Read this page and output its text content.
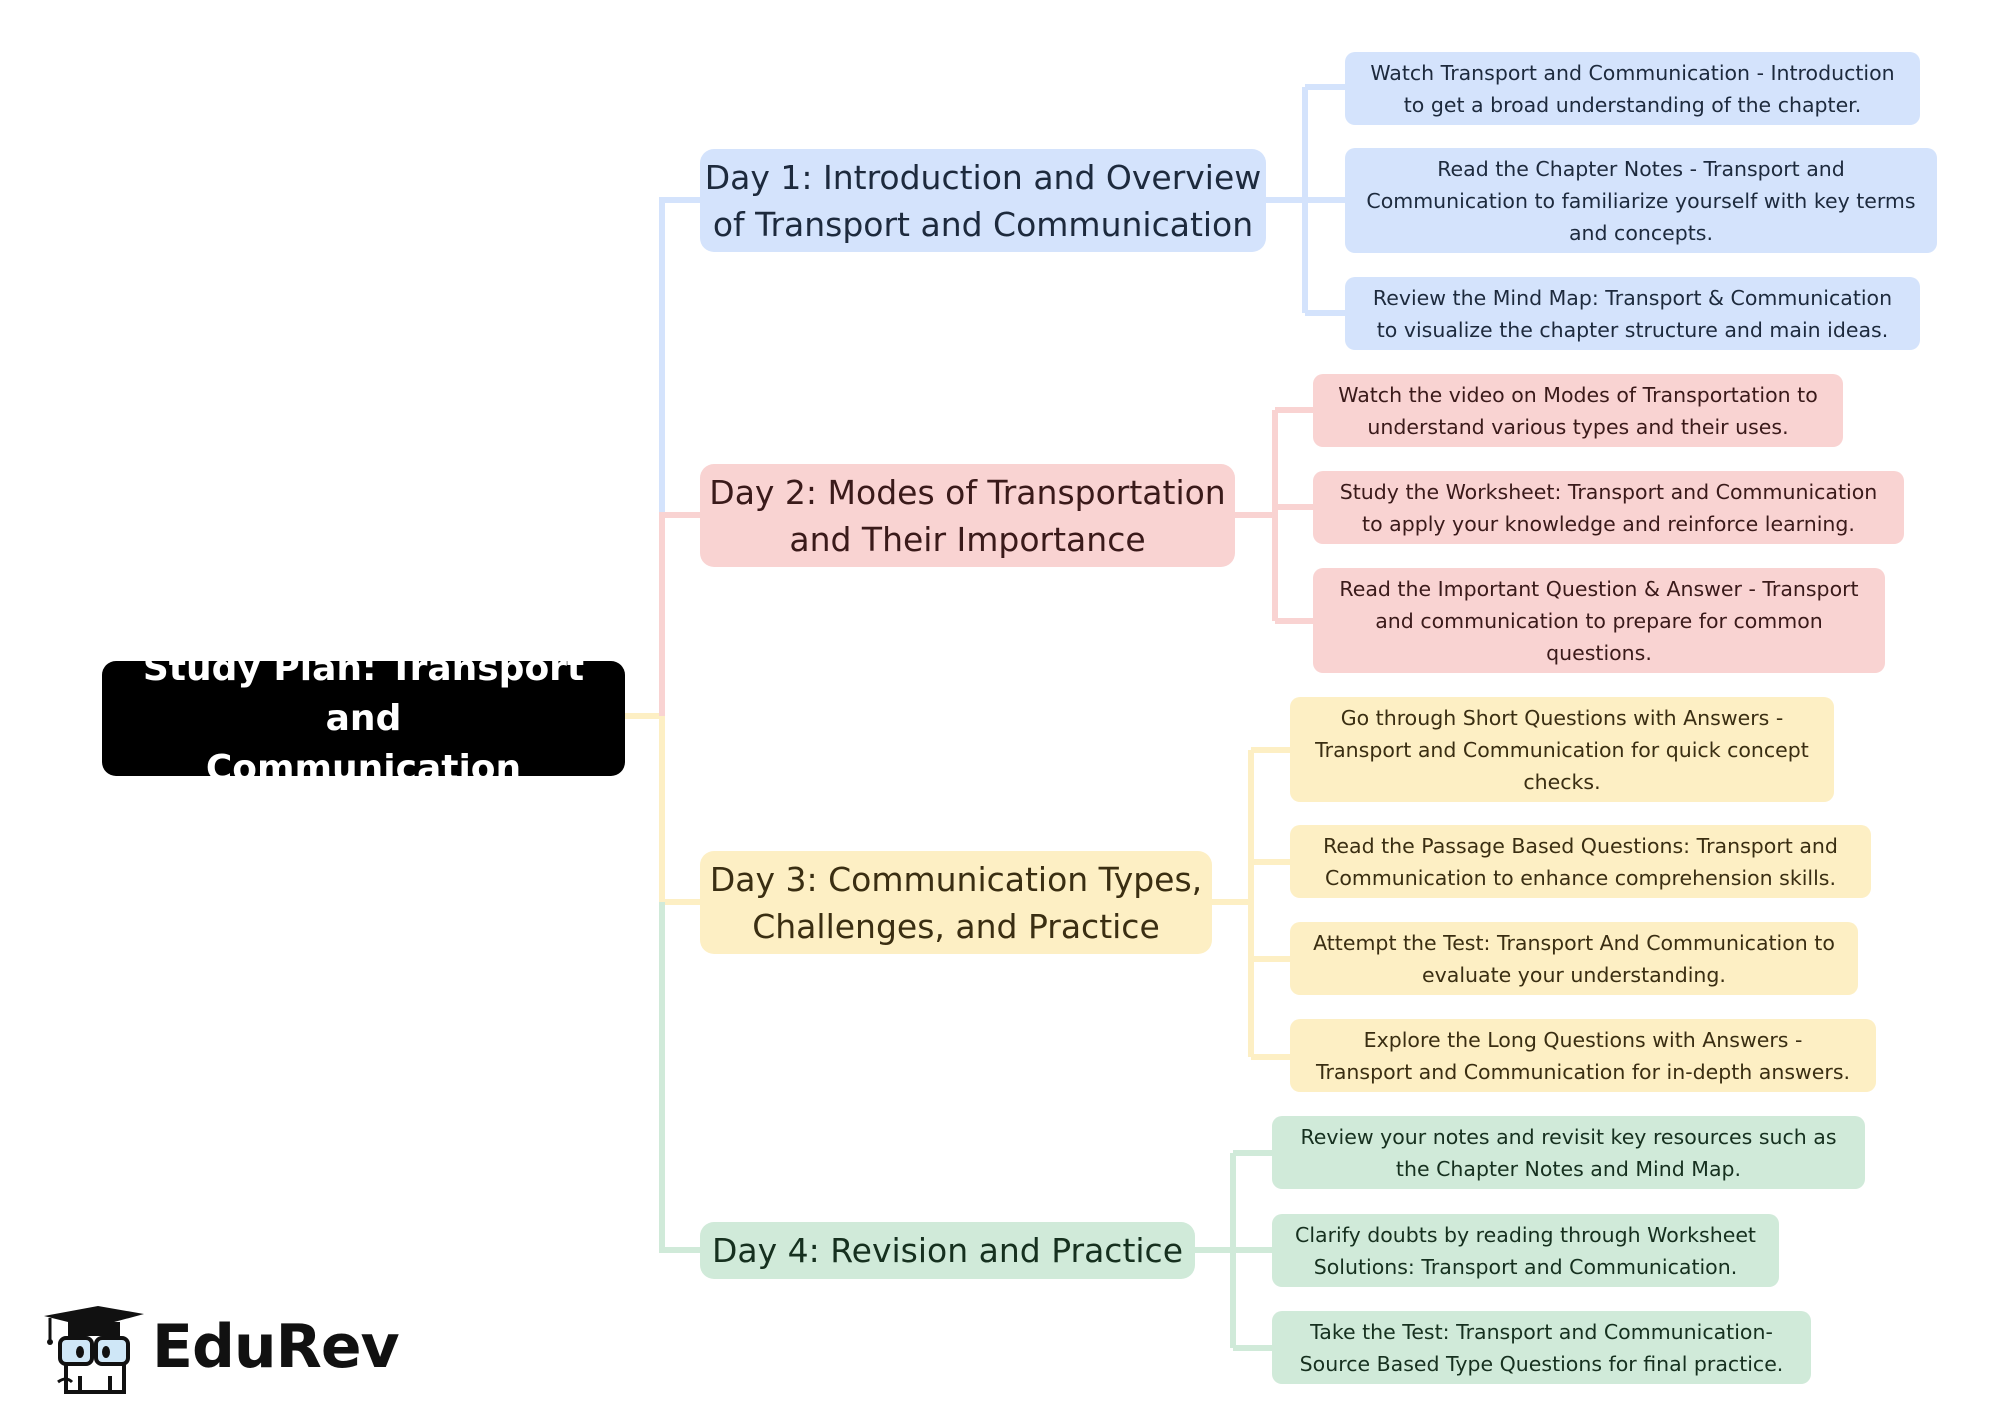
Study Plan: Transport and
Communication
Day 1: Introduction and Overview
of Transport and Communication
Watch Transport and Communication - Introduction
to get a broad understanding of the chapter.
Read the Chapter Notes - Transport and
Communication to familiarize yourself with key terms
and concepts.
Review the Mind Map: Transport & Communication
to visualize the chapter structure and main ideas.
Day 2: Modes of Transportation
and Their Importance
Watch the video on Modes of Transportation to
understand various types and their uses.
Study the Worksheet: Transport and Communication
to apply your knowledge and reinforce learning.
Read the Important Question & Answer - Transport
and communication to prepare for common
questions.
Day 3: Communication Types,
Challenges, and Practice
Go through Short Questions with Answers -
Transport and Communication for quick concept
checks.
Read the Passage Based Questions: Transport and
Communication to enhance comprehension skills.
Attempt the Test: Transport And Communication to
evaluate your understanding.
Explore the Long Questions with Answers -
Transport and Communication for in-depth answers.
Day 4: Revision and Practice
Review your notes and revisit key resources such as
the Chapter Notes and Mind Map.
Clarify doubts by reading through Worksheet
Solutions: Transport and Communication.
Take the Test: Transport and Communication-
Source Based Type Questions for final practice.
EduRev
